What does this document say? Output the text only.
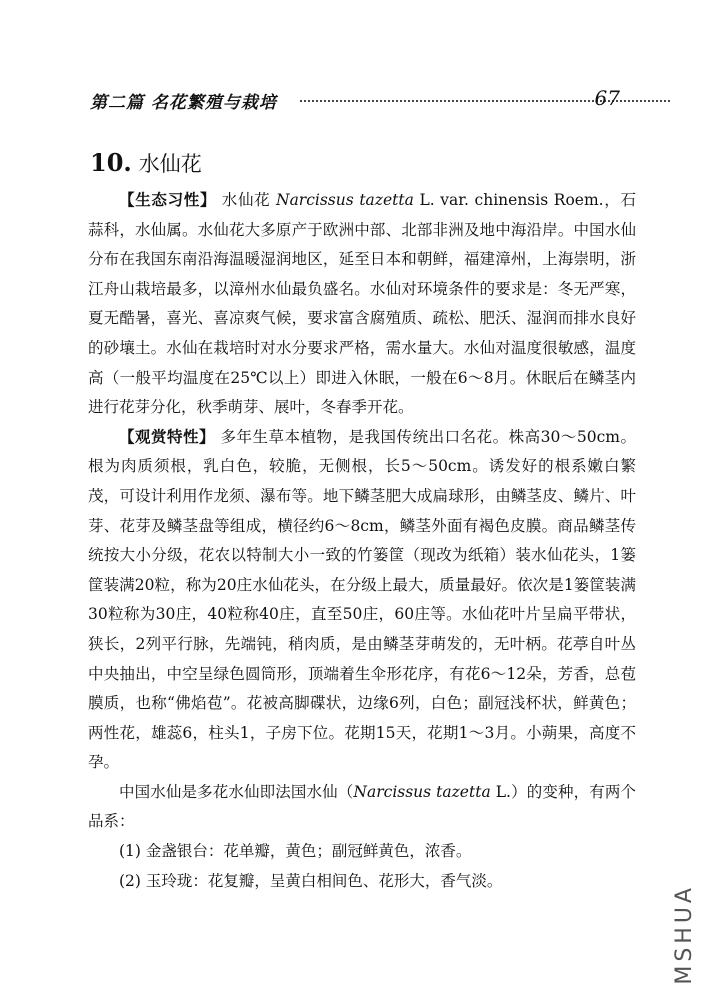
第二篇 名花繁殖与栽培	67
10. 水仙花

【生态习性】 水仙花 Narcissus tazetta L. var. chinensis Roem.，石蒜科，水仙属。水仙花大多原产于欧洲中部、北部非洲及地中海沿岸。中国水仙分布在我国东南沿海温暖湿润地区，延至日本和朝鲜，福建漳州，上海崇明，浙江舟山栽培最多，以漳州水仙最负盛名。水仙对环境条件的要求是：冬无严寒，夏无酷暑，喜光、喜凉爽气候，要求富含腐殖质、疏松、肥沃、湿润而排水良好的砂壤土。水仙在栽培时对水分要求严格，需水量大。水仙对温度很敏感，温度高（一般平均温度在25℃以上）即进入休眠，一般在6～8月。休眠后在鳞茎内进行花芽分化，秋季萌芽、展叶，冬春季开花。

【观赏特性】 多年生草本植物，是我国传统出口名花。株高30～50cm。根为肉质须根，乳白色，较脆，无侧根，长5～50cm。诱发好的根系嫩白繁茂，可设计利用作龙须、瀑布等。地下鳞茎肥大成扁球形，由鳞茎皮、鳞片、叶芽、花芽及鳞茎盘等组成，横径约6～8cm，鳞茎外面有褐色皮膜。商品鳞茎传统按大小分级，花农以特制大小一致的竹篓筐（现改为纸箱）装水仙花头，1篓筐装满20粒，称为20庄水仙花头，在分级上最大，质量最好。依次是1篓筐装满30粒称为30庄，40粒称40庄，直至50庄，60庄等。水仙花叶片呈扁平带状，狭长，2列平行脉，先端钝，稍肉质，是由鳞茎芽萌发的，无叶柄。花葶自叶丛中央抽出，中空呈绿色圆筒形，顶端着生伞形花序，有花6～12朵，芳香，总苞膜质，也称“佛焰苞”。花被高脚碟状，边缘6列，白色；副冠浅杯状，鲜黄色；两性花，雄蕊6，柱头1，子房下位。花期15天，花期1～3月。小蒴果，高度不孕。

中国水仙是多花水仙即法国水仙（Narcissus tazetta L.）的变种，有两个品系：

(1) 金盏银台：花单瓣，黄色；副冠鲜黄色，浓香。

(2) 玉玲珑：花复瓣，呈黄白相间色、花形大，香气淡。

MSHUA
